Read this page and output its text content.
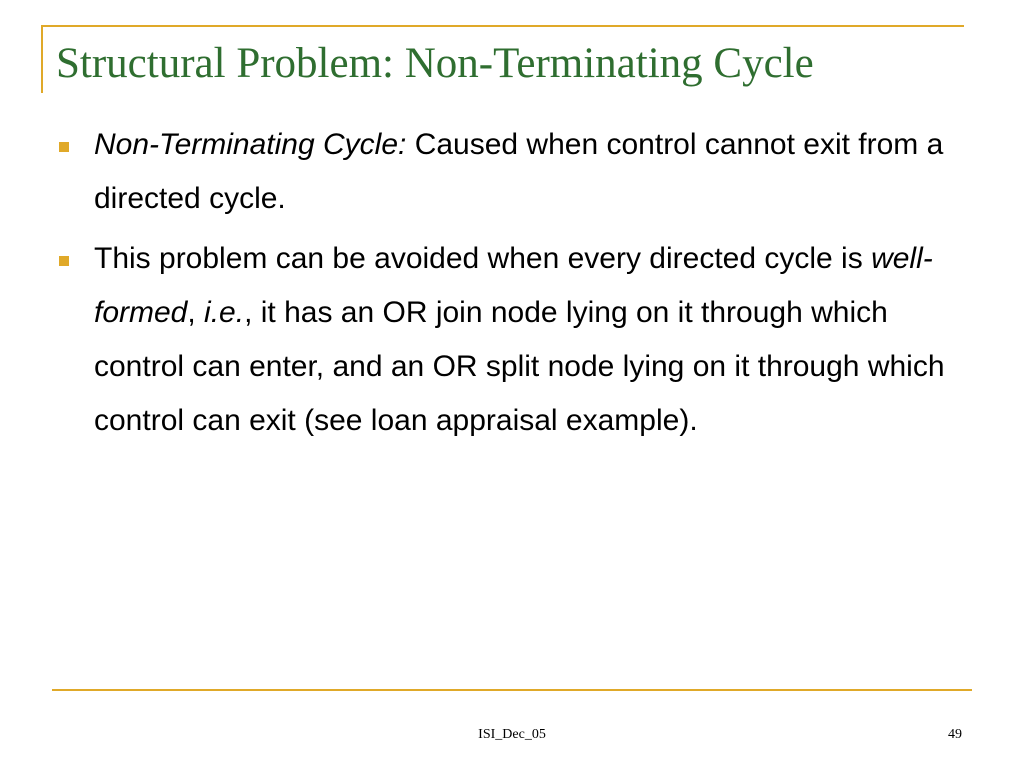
Structural Problem: Non-Terminating Cycle
Non-Terminating Cycle: Caused when control cannot exit from a directed cycle.
This problem can be avoided when every directed cycle is well-formed, i.e., it has an OR join node lying on it through which control can enter, and an OR split node lying on it through which control can exit (see loan appraisal example).
ISI_Dec_05	49
